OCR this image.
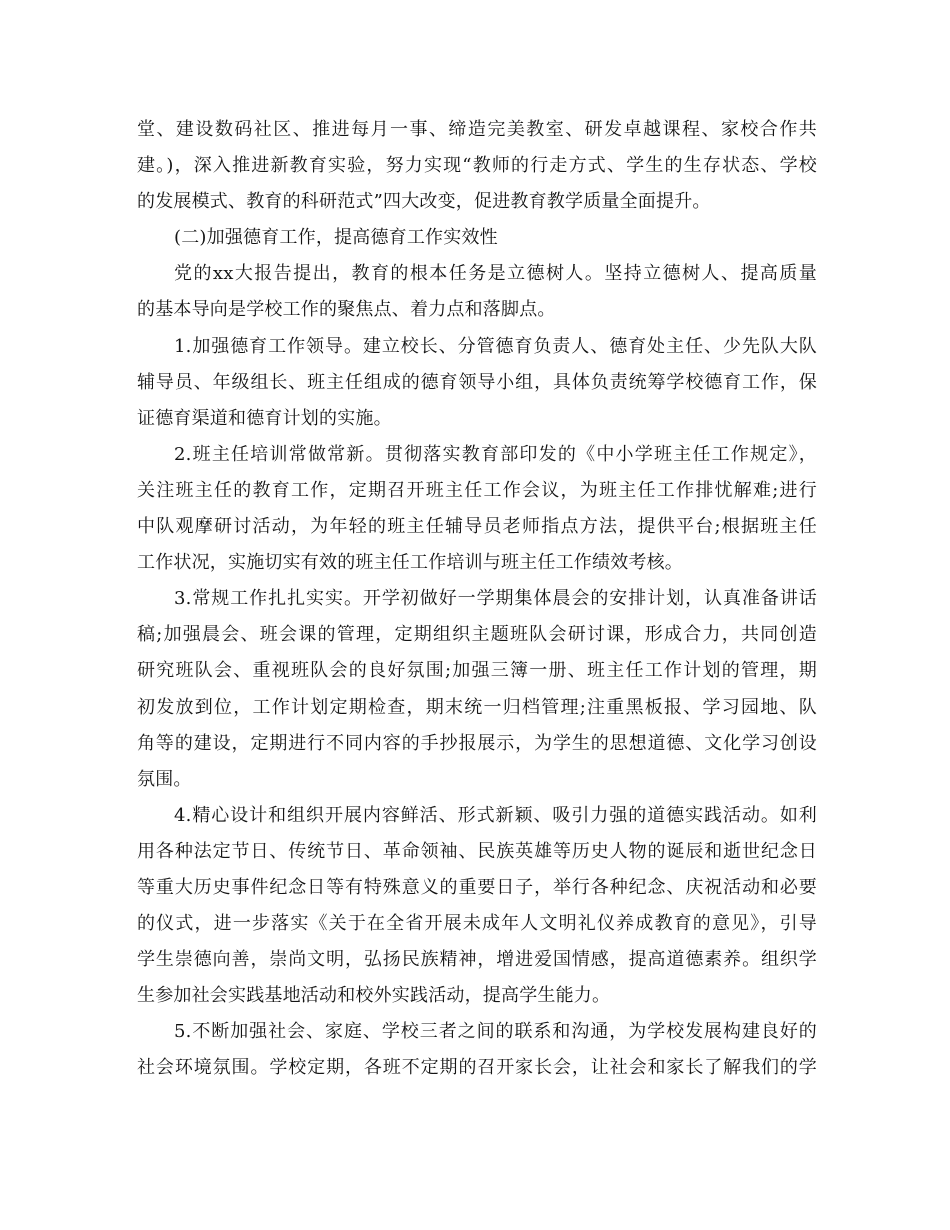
堂、建设数码社区、推进每月一事、缔造完美教室、研发卓越课程、家校合作共
建。)，深入推进新教育实验，努力实现“教师的行走方式、学生的生存状态、学校
的发展模式、教育的科研范式”四大改变，促进教育教学质量全面提升。
(二)加强德育工作，提高德育工作实效性
党的xx大报告提出，教育的根本任务是立德树人。坚持立德树人、提高质量
的基本导向是学校工作的聚焦点、着力点和落脚点。
1.加强德育工作领导。建立校长、分管德育负责人、德育处主任、少先队大队
辅导员、年级组长、班主任组成的德育领导小组，具体负责统筹学校德育工作，保
证德育渠道和德育计划的实施。
2.班主任培训常做常新。贯彻落实教育部印发的《中小学班主任工作规定》，
关注班主任的教育工作，定期召开班主任工作会议，为班主任工作排忧解难;进行
中队观摩研讨活动，为年轻的班主任辅导员老师指点方法，提供平台;根据班主任
工作状况，实施切实有效的班主任工作培训与班主任工作绩效考核。
3.常规工作扎扎实实。开学初做好一学期集体晨会的安排计划，认真准备讲话
稿;加强晨会、班会课的管理，定期组织主题班队会研讨课，形成合力，共同创造
研究班队会、重视班队会的良好氛围;加强三簿一册、班主任工作计划的管理，期
初发放到位，工作计划定期检查，期末统一归档管理;注重黑板报、学习园地、队
角等的建设，定期进行不同内容的手抄报展示，为学生的思想道德、文化学习创设
氛围。
4.精心设计和组织开展内容鲜活、形式新颖、吸引力强的道德实践活动。如利
用各种法定节日、传统节日、革命领袖、民族英雄等历史人物的诞辰和逝世纪念日
等重大历史事件纪念日等有特殊意义的重要日子，举行各种纪念、庆祝活动和必要
的仪式，进一步落实《关于在全省开展未成年人文明礼仪养成教育的意见》，引导
学生崇德向善，崇尚文明，弘扬民族精神，增进爱国情感，提高道德素养。组织学
生参加社会实践基地活动和校外实践活动，提高学生能力。
5.不断加强社会、家庭、学校三者之间的联系和沟通，为学校发展构建良好的
社会环境氛围。学校定期，各班不定期的召开家长会，让社会和家长了解我们的学
